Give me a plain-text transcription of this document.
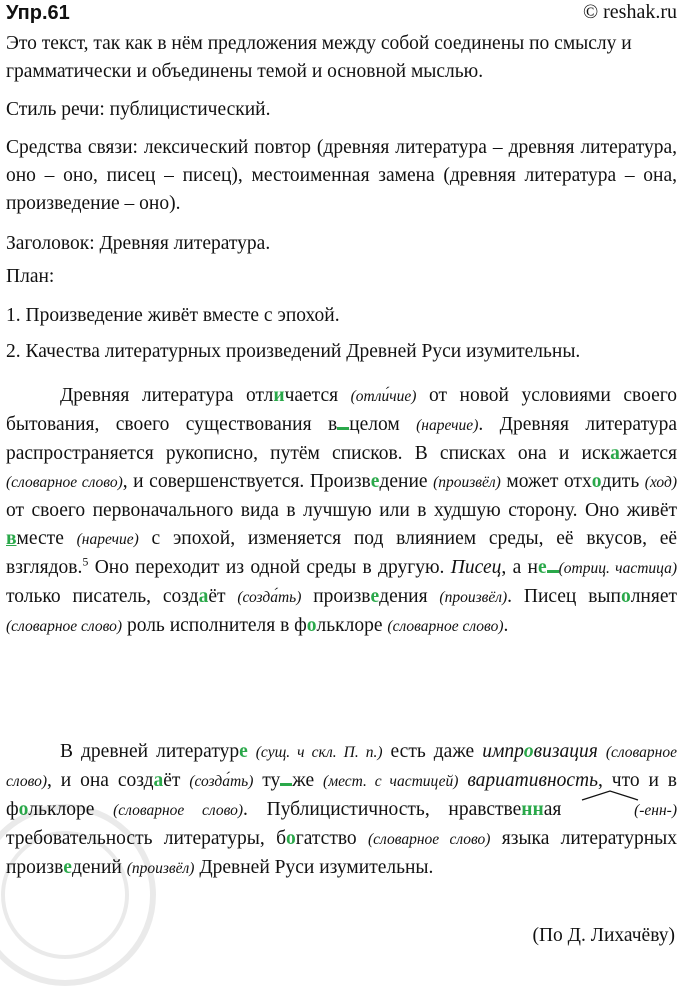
Упр.61	© reshak.ru
Это текст, так как в нём предложения между собой соединены по смыслу и грамматически и объединены темой и основной мыслью.
Стиль речи: публицистический.
Средства связи: лексический повтор (древняя литература – древняя литература, оно – оно, писец – писец), местоименная замена (древняя литература – она, произведение – оно).
Заголовок: Древняя литература.
План:
1. Произведение живёт вместе с эпохой.
2. Качества литературных произведений Древней Руси изумительны.
Древняя литература отличается (отли́чие) от новой условиями своего бытования, своего существования в целом (наречие). Древняя литература распространяется рукописно, путём списков. В списках она и искажается (словарное слово), и совершенствуется. Произведение (произвёл) может отходить (ход) от своего первоначального вида в лучшую или в худшую сторону. Оно живёт вместе (наречие) с эпохой, изменяется под влиянием среды, её вкусов, её взглядов.$^5$ Оно переходит из одной среды в другую. Писец, а не (отриц. частица) только писатель, создаёт (созда́ть) произведения (произвёл). Писец выполняет (словарное слово) роль исполнителя в фольклоре (словарное слово).
В древней литературе (сущ. ч скл. П. п.) есть даже импровизация (словарное слово), и она создаёт (созда́ть) ту же (мест. с частицей) вариативность, что и в фольклоре (словарное слово). Публицистичность, нравственная	(-енн-) требовательность литературы, богатство (словарное слово) языка литературных произведений (произвёл) Древней Руси изумительны.
(По Д. Лихачёву)
